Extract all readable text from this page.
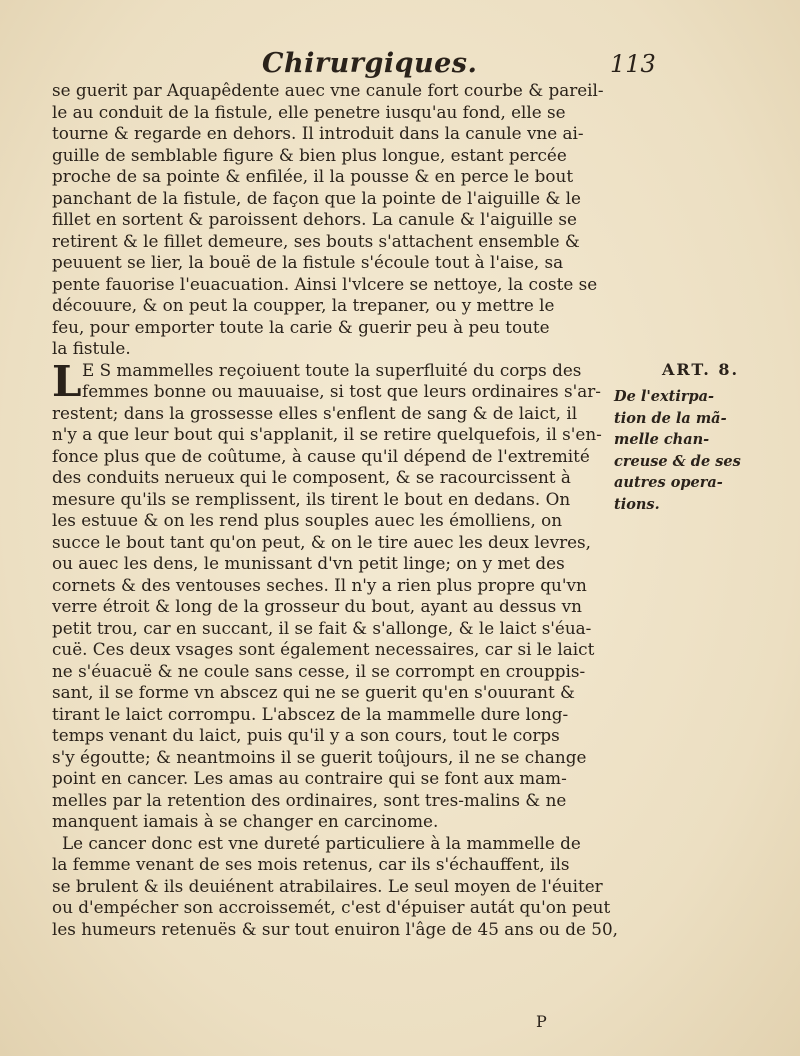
Chirurgiques.	113
se guerit par Aquapêdente auec vne canule fort courbe & pareil-
le au conduit de la fistule, elle penetre iusqu'au fond, elle se
tourne & regarde en dehors. Il introduit dans la canule vne ai-
guille de semblable figure & bien plus longue, estant percée
proche de sa pointe & enfilée, il la pousse & en perce le bout
panchant de la fistule, de façon que la pointe de l'aiguille & le
fillet en sortent & paroissent dehors. La canule & l'aiguille se
retirent & le fillet demeure, ses bouts s'attachent ensemble &
peuuent se lier, la bouë de la fistule s'écoule tout à l'aise, sa
pente fauorise l'euacuation. Ainsi l'vlcere se nettoye, la coste se
découure, & on peut la coupper, la trepaner, ou y mettre le
feu, pour emporter toute la carie & guerir peu à peu toute
la fistule.
L E S mammelles reçoiuent toute la superfluité du corps des
femmes bonne ou mauuaise, si tost que leurs ordinaires s'ar-
restent; dans la grossesse elles s'enflent de sang & de laict, il
n'y a que leur bout qui s'applanit, il se retire quelquefois, il s'en-
fonce plus que de coûtume, à cause qu'il dépend de l'extremité
des conduits nerueux qui le composent, & se racourcissent à
mesure qu'ils se remplissent, ils tirent le bout en dedans. On
les estuue & on les rend plus souples auec les émolliens, on
succe le bout tant qu'on peut, & on le tire auec les deux levres,
ou auec les dens, le munissant d'vn petit linge; on y met des
cornets & des ventouses seches. Il n'y a rien plus propre qu'vn
verre étroit & long de la grosseur du bout, ayant au dessus vn
petit trou, car en succant, il se fait & s'allonge, & le laict s'éua-
cuë. Ces deux vsages sont également necessaires, car si le laict
ne s'éuacuë & ne coule sans cesse, il se corrompt en crouppis-
sant, il se forme vn abscez qui ne se guerit qu'en s'ouurant &
tirant le laict corrompu. L'abscez de la mammelle dure long-
temps venant du laict, puis qu'il y a son cours, tout le corps
s'y égoutte; & neantmoins il se guerit toûjours, il ne se change
point en cancer. Les amas au contraire qui se font aux mam-
melles par la retention des ordinaires, sont tres-malins & ne
manquent iamais à se changer en carcinome.
Le cancer donc est vne dureté particuliere à la mammelle de
la femme venant de ses mois retenus, car ils s'échauffent, ils
se brulent & ils deuiénent atrabilaires. Le seul moyen de l'éuiter
ou d'empécher son accroissemét, c'est d'épuiser autát qu'on peut
les humeurs retenuës & sur tout enuiron l'âge de 45 ans ou de 50,
ART. 8.
De l'extirpa-
tion de la mã-
melle chan-
creuse & de ses
autres opera-
tions.
P
